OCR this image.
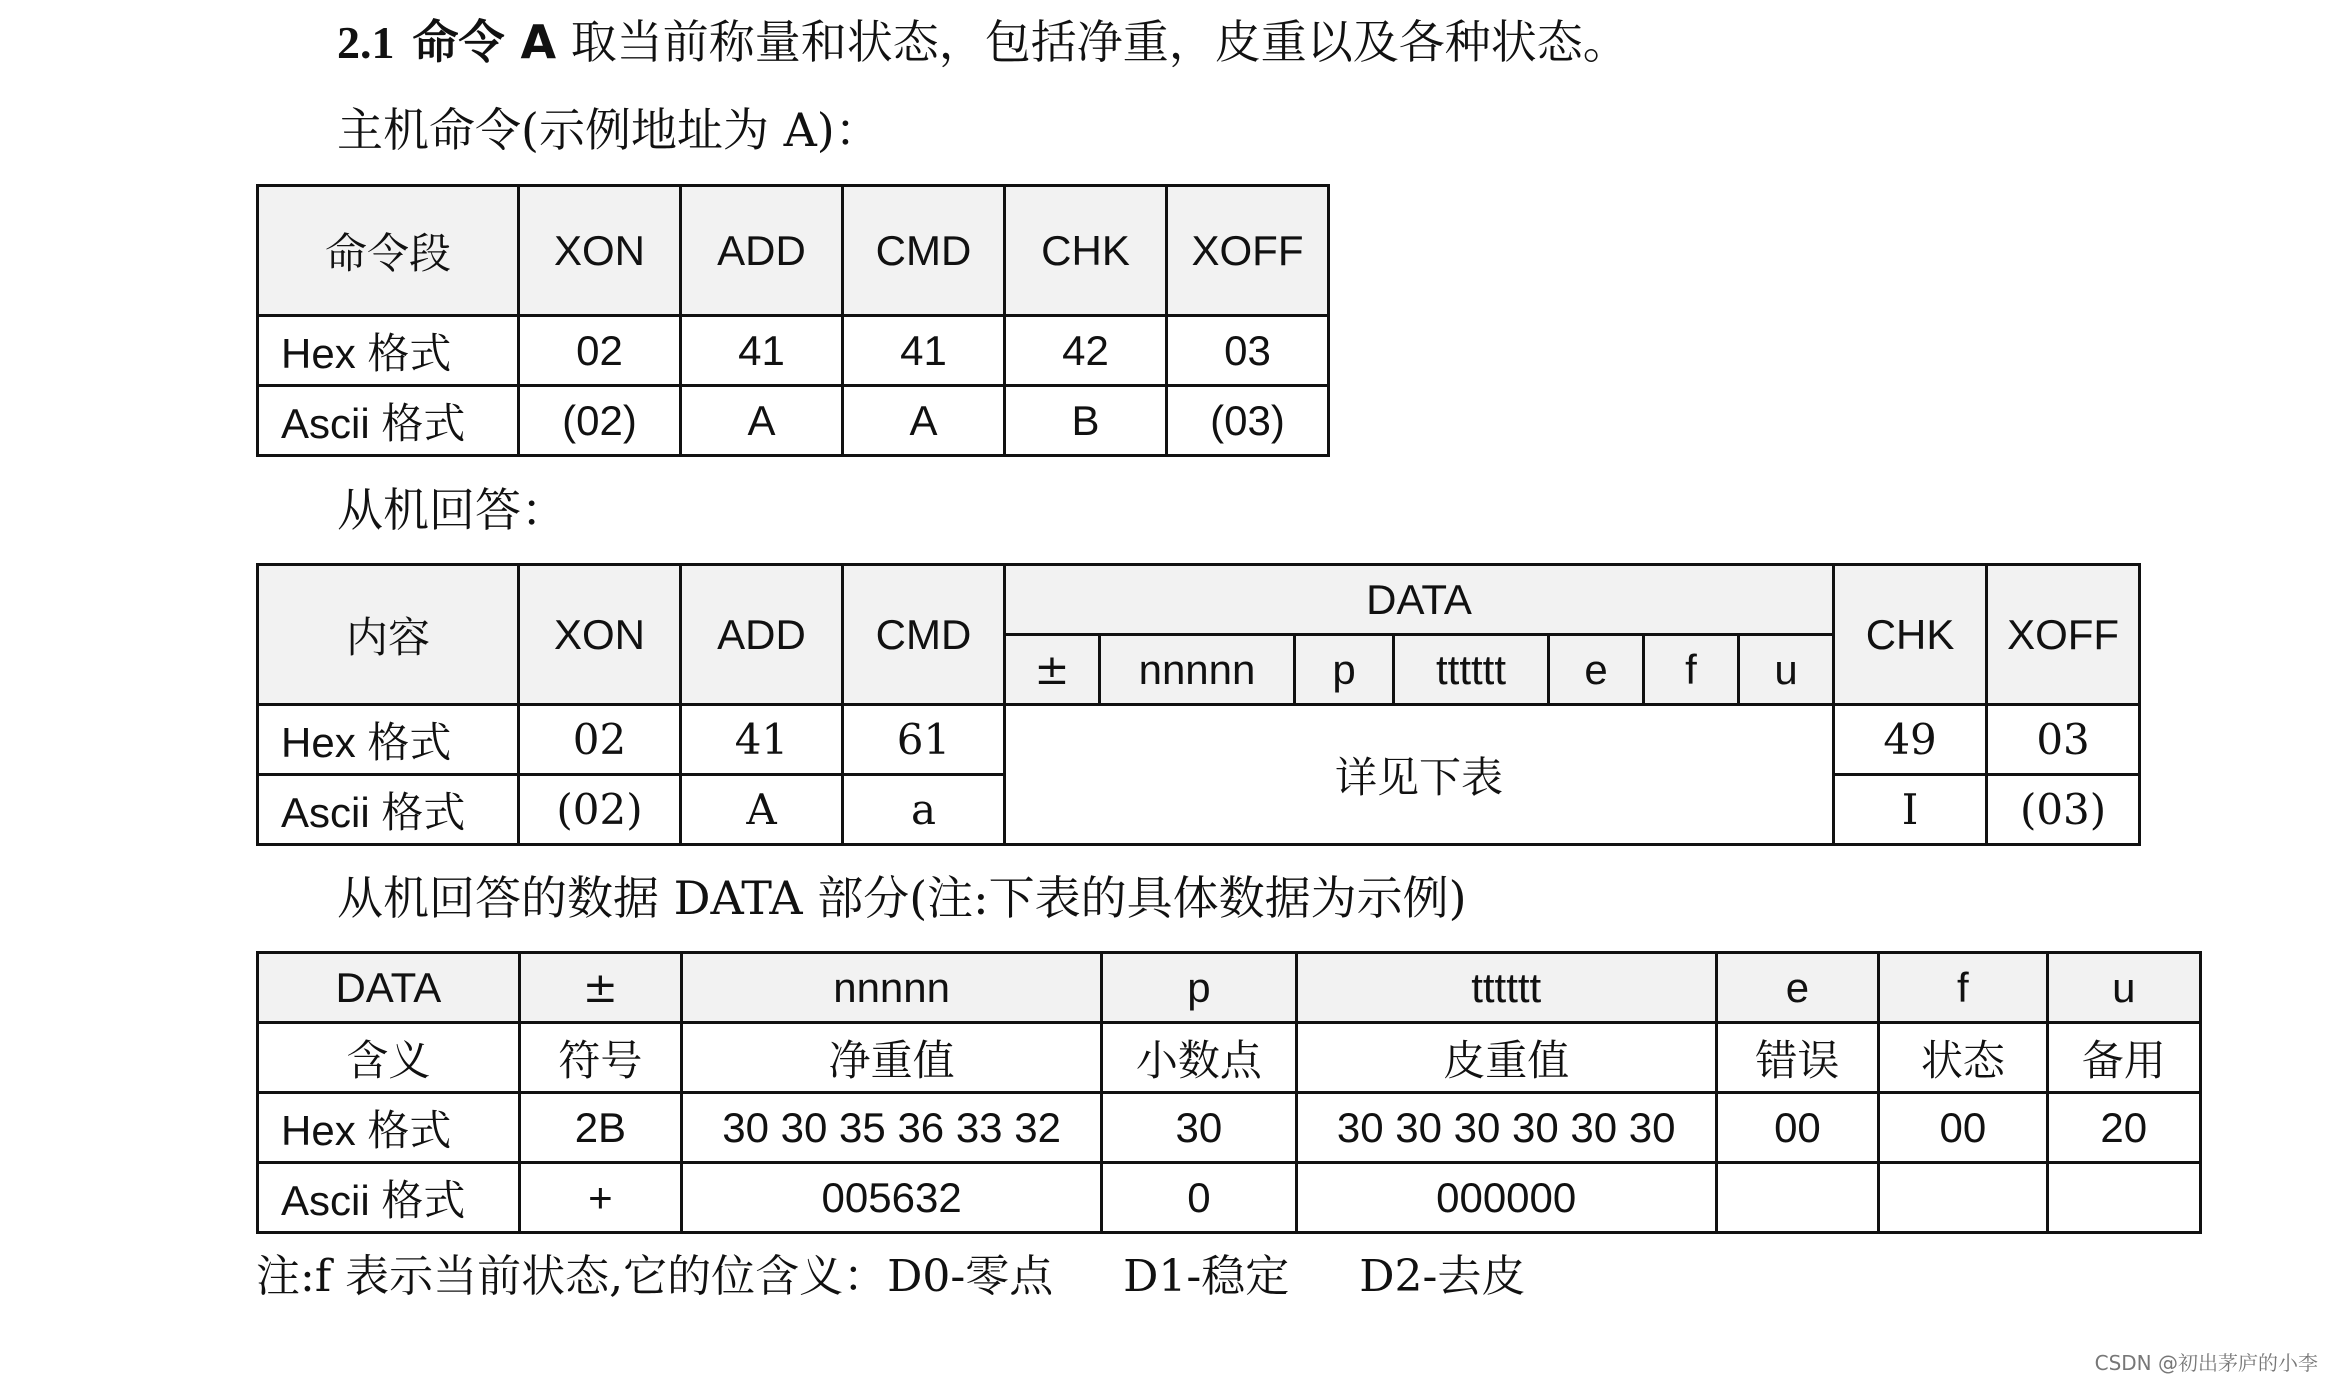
2.1 命令 A 取当前称量和状态，包括净重，皮重以及各种状态。
主机命令(示例地址为 A)：
命令段	XON	ADD	CMD	CHK	XOFF
Hex 格式	02	41	41	42	03
Ascii 格式	(02)	A	A	B	(03)
从机回答：
内容	XON	ADD	CMD	DATA							CHK	XOFF
				±	nnnnn	p	tttttt	e	f	u		
Hex 格式	02	41	61	详见下表							49	03
Ascii 格式	(02)	A	a								I	(03)
从机回答的数据 DATA 部分(注:下表的具体数据为示例)
DATA	±	nnnnn	p	tttttt	e	f	u
含义	符号	净重值	小数点	皮重值	错误	状态	备用
Hex 格式	2B	30 30 35 36 33 32	30	30 30 30 30 30 30	00	00	20
Ascii 格式	+	005632	0	000000			
注:f 表示当前状态,它的位含义：D0-零点     D1-稳定     D2-去皮
CSDN @初出茅庐的小李
